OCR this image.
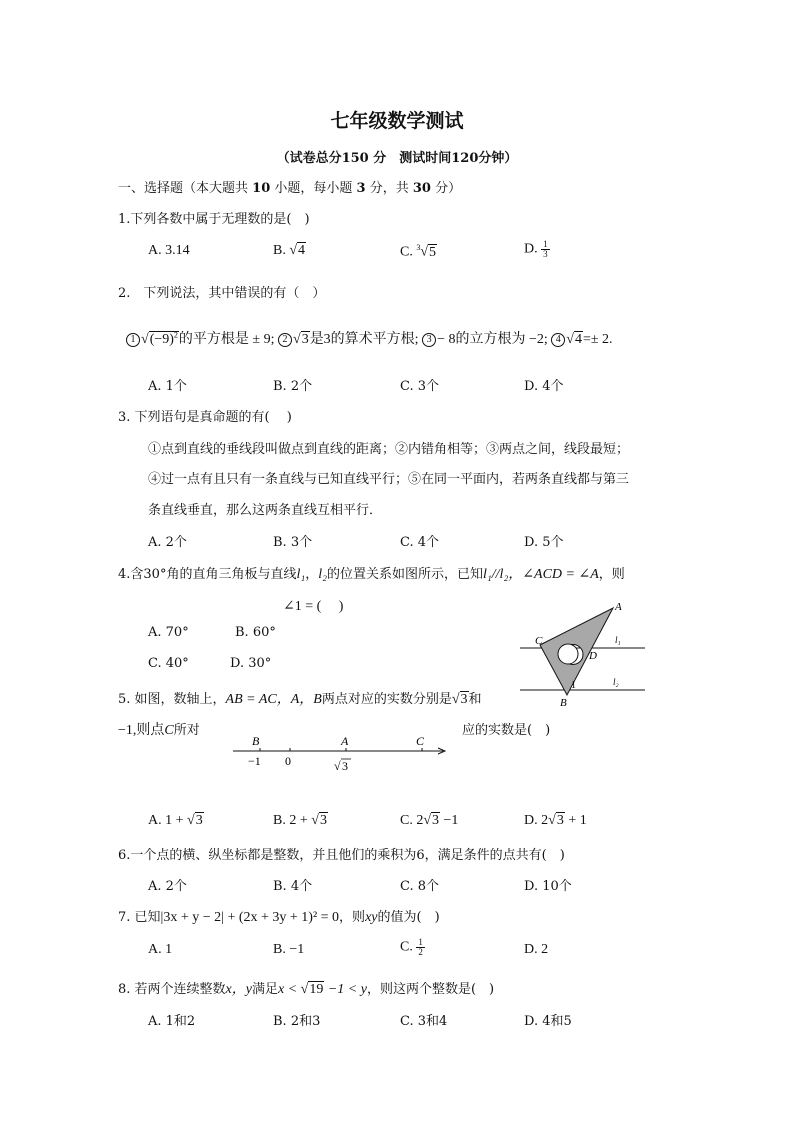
七年级数学测试
（试卷总分150 分　测试时间120分钟）
一、选择题（本大题共 10 小题，每小题 3 分，共 30 分）
1.下列各数中属于无理数的是(　)
A. 3.14	B. √4	C. $^3$√5	D. $\frac{1}{3}$
2.　下列说法，其中错误的有（　）
1 $√(-9)^2$的平方根是 ± 9; 2 √3是3的算术平方根; 3 − 8的立方根为 −2; 4 √4=± 2.
A. 1个	B. 2个	C. 3个	D. 4个
3. 下列语句是真命题的有(　 )
①点到直线的垂线段叫做点到直线的距离；②内错角相等；③两点之间，线段最短；
④过一点有且只有一条直线与已知直线平行；⑤在同一平面内，若两条直线都与第三
条直线垂直，那么这两条直线互相平行．
A. 2个	B. 3个	C. 4个	D. 5个
4.含30°角的直角三角板与直线l₁，l₂的位置关系如图所示，已知l₁//l₂，∠ACD = ∠A，则
∠1 = (　 )
A. 70°	B. 60°
C. 40°	D. 30°
A
C
D
B
1
l₁
l₂
5. 如图，数轴上，AB = AC，A，B两点对应的实数分别是√3和
−1,则点C所对	应的实数是(　)
B	A	C
−1 0	√ 3
A. 1 + √3	B. 2 + √3	C. 2√3 −1	D. 2√3 + 1
6.一个点的横、纵坐标都是整数，并且他们的乘积为6，满足条件的点共有(　)
A. 2个	B. 4个	C. 8个	D. 10个
7. 已知|3x + y − 2| + (2x + 3y + 1)² = 0，则xy的值为(　)
A. 1	B. −1	C. $\frac{1}{2}$	D. 2
8. 若两个连续整数x，y满足x < √19 −1 < y，则这两个整数是(　)
A. 1和2	B. 2和3	C. 3和4	D. 4和5
